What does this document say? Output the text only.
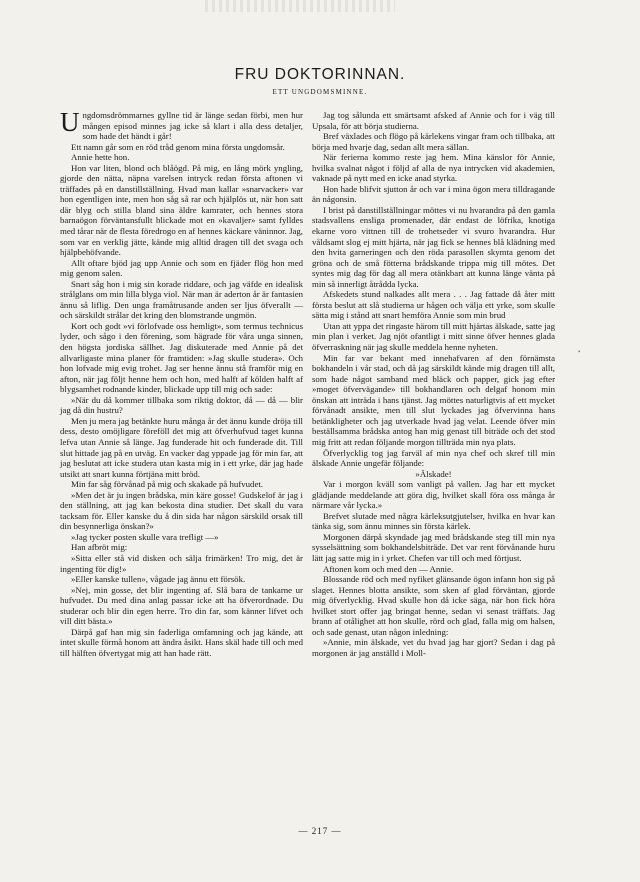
FRU DOKTORINNAN.
ETT UNGDOMSMINNE.

Ungdomsdrömmarnes gyllne tid är länge sedan förbi, men hur mången episod minnes jag icke så klart i alla dess detaljer, som hade det händt i går!

Ett namn går som en röd tråd genom mina första ungdomsår.

Annie hette hon.

Hon var liten, blond och blåögd. På mig, en lång mörk yngling, gjorde den nätta, näpna varelsen intryck redan första aftonen vi träffades på en danstillställning. Hvad man kallar »snarvacker» var hon egentligen inte, men hon såg så rar och hjälplös ut, när hon satt där blyg och stilla bland sina äldre kamrater, och hennes stora barnaögon förväntansfullt blickade mot en »kavaljer» samt fylldes med tårar när de flesta föredrogo en af hennes käckare väninnor. Jag, som var en verklig jätte, kände mig alltid dragen till det svaga och hjälpbehöfvande.

Allt oftare bjöd jag upp Annie och som en fjäder flög hon med mig genom salen.

Snart såg hon i mig sin korade riddare, och jag väfde en idealisk strålglans om min lilla blyga viol. När man är aderton år är fantasien ännu så liflig. Den unga framåtrusande anden ser ljus öfverallt — och särskildt strålar det kring den blomstrande ungmön.

Kort och godt »vi förlofvade oss hemligt», som termus technicus lyder, och sågo i den förening, som hägrade för våra unga sinnen, den högsta jordiska sällhet. Jag diskuterade med Annie på det allvarligaste mina planer för framtiden: »Jag skulle studera». Och hon lofvade mig evig trohet. Jag ser henne ännu stå framför mig en afton, när jag följt henne hem och hon, med halft af kölden halft af blygsamhet rodnande kinder, blickade upp till mig och sade:

»När du då kommer tillbaka som riktig doktor, då — då — blir jag då din hustru?

Men ju mera jag betänkte huru många år det ännu kunde dröja till dess, desto omöjligare föreföll det mig att öfverhufvud taget kunna lefva utan Annie så länge. Jag funderade hit och funderade dit. Till slut hittade jag på en utväg. En vacker dag yppade jag för min far, att jag beslutat att icke studera utan kasta mig in i ett yrke, där jag hade utsikt att snart kunna förtjäna mitt bröd.

Min far såg förvånad på mig och skakade på hufvudet.

»Men det är ju ingen brådska, min käre gosse! Gudskelof är jag i den ställning, att jag kan bekosta dina studier. Det skall du vara tacksam för. Eller kanske du å din sida har någon särskild orsak till din besynnerliga önskan?»

»Jag tycker posten skulle vara trefligt —»

Han afbröt mig:

»Sitta eller stå vid disken och sälja frimärken! Tro mig, det är ingenting för dig!»

»Eller kanske tullen», vågade jag ännu ett försök.

»Nej, min gosse, det blir ingenting af. Slå bara de tankarne ur hufvudet. Du med dina anlag passar icke att ha öfverordnade. Du studerar och blir din egen herre. Tro din far, som känner lifvet och vill ditt bästa.»

Därpå gaf han mig sin faderliga omfamning och jag kände, att intet skulle förmå honom att ändra åsikt. Hans skäl hade till och med till hälften öfvertygat mig att han hade rätt.

Jag tog sålunda ett smärtsamt afsked af Annie och for i väg till Upsala, för att börja studierna.

Bref växlades och flögo på kärlekens vingar fram och tillbaka, att börja med hvarje dag, sedan allt mera sällan.

När ferierna kommo reste jag hem. Mina känslor för Annie, hvilka svalnat något i följd af alla de nya intrycken vid akademien, vaknade på nytt med en icke anad styrka.

Hon hade blifvit sjutton år och var i mina ögon mera tilldragande än någonsin.

I brist på danstillställningar möttes vi nu hvarandra på den gamla stadsvallens ensliga promenader, där endast de löfrika, knotiga ekarne voro vittnen till de trohetseder vi svuro hvarandra. Hur våldsamt slog ej mitt hjärta, när jag fick se hennes blå klädning med den hvita garneringen och den röda parasollen skymta genom det gröna och de små fötterna brådskande trippa mig till mötes. Det syntes mig dag för dag all mera otänkbart att kunna länge vänta på min så innerligt åtrådda lycka.

Afskedets stund nalkades allt mera . . . Jag fattade då åter mitt första beslut att slå studierna ur hågen och välja ett yrke, som skulle sätta mig i stånd att snart hemföra Annie som min brud

Utan att yppa det ringaste härom till mitt hjärtas älskade, satte jag min plan i verket. Jag njöt ofantligt i mitt sinne öfver hennes glada öfverraskning när jag skulle meddela henne nyheten.

Min far var bekant med innehafvaren af den förnämsta bokhandeln i vår stad, och då jag särskildt kände mig dragen till allt, som hade något samband med bläck och papper, gick jag efter »moget öfvervägande» till bokhandlaren och delgaf honom min önskan att inträda i hans tjänst. Jag möttes naturligtvis af ett mycket förvånadt ansikte, men till slut lyckades jag öfvervinna hans betänkligheter och jag utverkade hvad jag velat. Leende öfver min beställsamma brådska antog han mig genast till biträde och det stod mig fritt att redan följande morgon tillträda min nya plats.

Öfverlycklig tog jag farväl af min nya chef och skref till min älskade Annie ungefär följande:

»Älskade!

Var i morgon kväll som vanligt på vallen. Jag har ett mycket glädjande meddelande att göra dig, hvilket skall föra oss många år närmare vår lycka.»

Brefvet slutade med några kärleksutgjutelser, hvilka en hvar kan tänka sig, som ännu minnes sin första kärlek.

Morgonen därpå skyndade jag med brådskande steg till min nya sysselsättning som bokhandelsbiträde. Det var rent förvånande huru lätt jag satte mig in i yrket. Chefen var till och med förtjust.

Aftonen kom och med den — Annie.

Blossande röd och med nyfiket glänsande ögon infann hon sig på slaget. Hennes blotta ansikte, som sken af glad förväntan, gjorde mig öfverlycklig. Hvad skulle hon då icke säga, när hon fick höra hvilket stort offer jag bringat henne, sedan vi senast träffats. Jag brann af otålighet att hon skulle, rörd och glad, falla mig om halsen, och sade genast, utan någon inledning:

»Annie, min älskade, vet du hvad jag har gjort? Sedan i dag på morgonen är jag anställd i Moll-

•
— 217 —
